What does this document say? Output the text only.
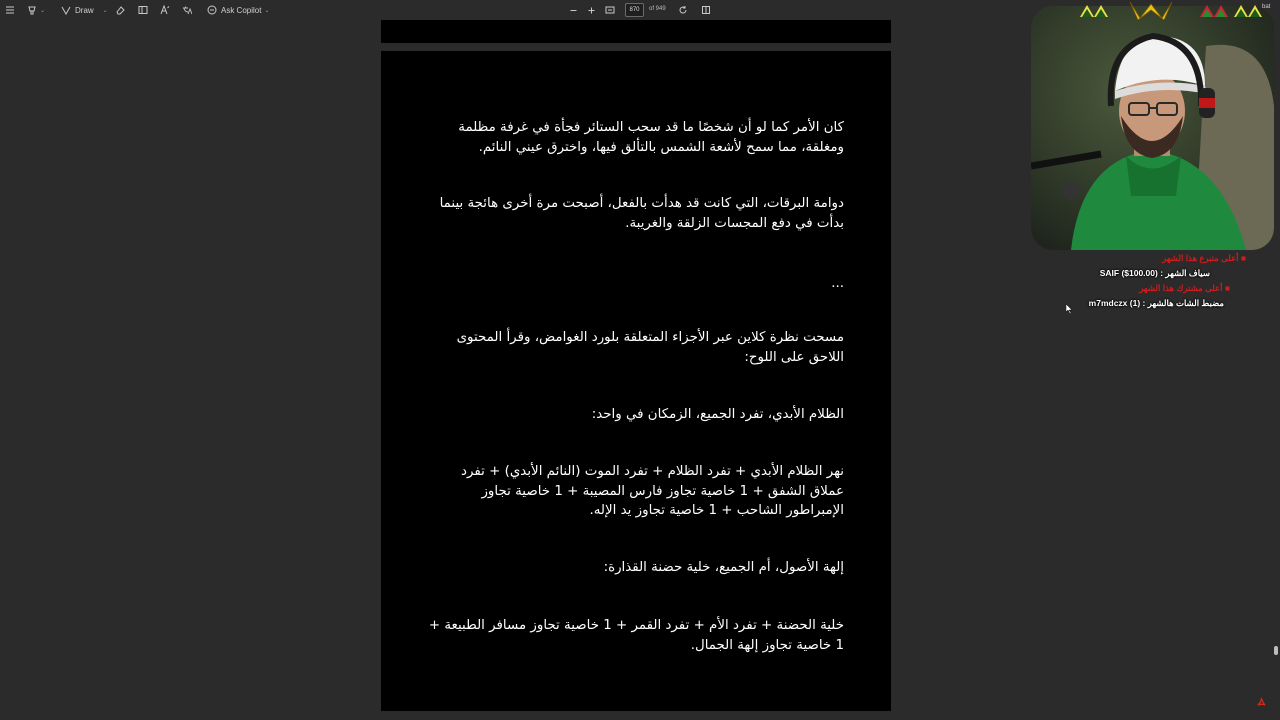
⌄	Draw ⌄	Ask Copilot ⌄	870	of 949
كان الأمر كما لو أن شخصًا ما قد سحب الستائر فجأة في غرفة مظلمة ومغلقة، مما سمح لأشعة الشمس بالتألق فيها، واخترق عيني النائم.
دوامة البرقات، التي كانت قد هدأت بالفعل، أصبحت مرة أخرى هائجة بينما بدأت في دفع المجسات الزلقة والغريبة.
...
مسحت نظرة كلاين عبر الأجزاء المتعلقة بلورد الغوامض، وقرأ المحتوى اللاحق على اللوح:
الظلام الأبدي، تفرد الجميع، الزمكان في واحد:
نهر الظلام الأبدي + تفرد الظلام + تفرد الموت (النائم الأبدي) + تفرد عملاق الشفق + 1 خاصية تجاوز فارس المصيبة + 1 خاصية تجاوز الإمبراطور الشاحب + 1 خاصية تجاوز يد الإله.
إلهة الأصول، أم الجميع، خلية حضنة القذارة:
خلية الحضنة + تفرد الأم + تفرد القمر + 1 خاصية تجاوز مسافر الطبيعة + 1 خاصية تجاوز إلهة الجمال.
bat
■ أعلى متبرع هذا الشهر
سياف الشهر : SAIF ($100.00)
■ أعلى مشترك هذا الشهر
مضبط الشات هالشهر : m7mdczx (1)
